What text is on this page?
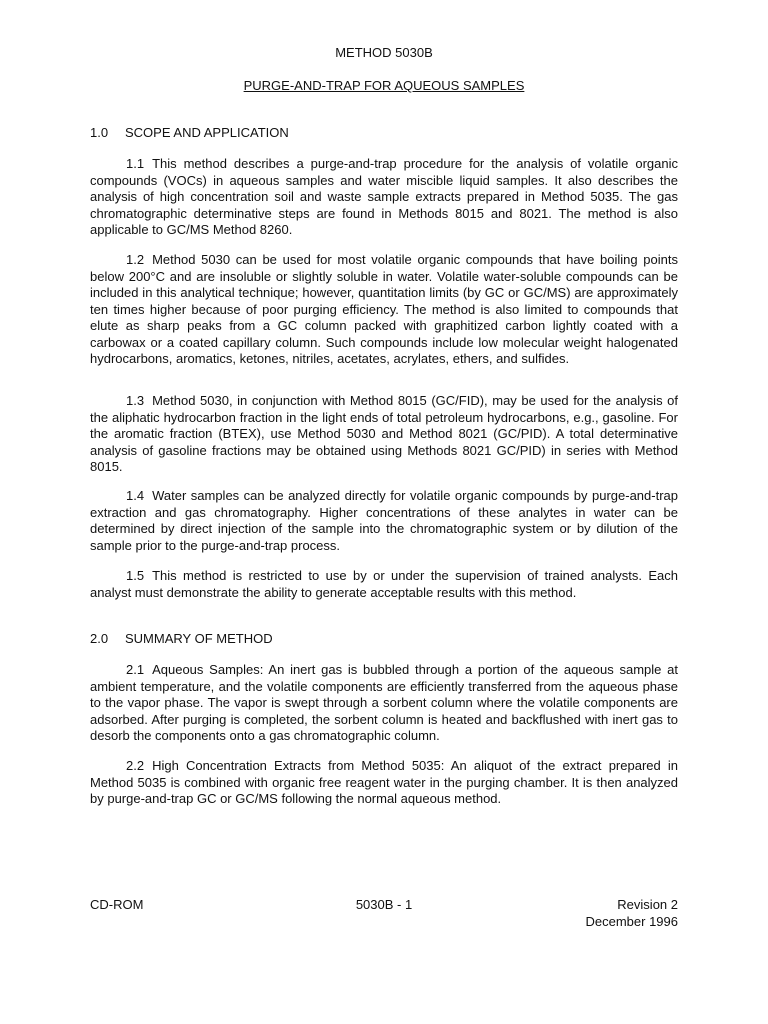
METHOD 5030B
PURGE-AND-TRAP FOR AQUEOUS SAMPLES
1.0 SCOPE AND APPLICATION

1.1 This method describes a purge-and-trap procedure for the analysis of volatile organic compounds (VOCs) in aqueous samples and water miscible liquid samples. It also describes the analysis of high concentration soil and waste sample extracts prepared in Method 5035. The gas chromatographic determinative steps are found in Methods 8015 and 8021. The method is also applicable to GC/MS Method 8260.

1.2 Method 5030 can be used for most volatile organic compounds that have boiling points below 200°C and are insoluble or slightly soluble in water. Volatile water-soluble compounds can be included in this analytical technique; however, quantitation limits (by GC or GC/MS) are approximately ten times higher because of poor purging efficiency. The method is also limited to compounds that elute as sharp peaks from a GC column packed with graphitized carbon lightly coated with a carbowax or a coated capillary column. Such compounds include low molecular weight halogenated hydrocarbons, aromatics, ketones, nitriles, acetates, acrylates, ethers, and sulfides.

1.3 Method 5030, in conjunction with Method 8015 (GC/FID), may be used for the analysis of the aliphatic hydrocarbon fraction in the light ends of total petroleum hydrocarbons, e.g., gasoline. For the aromatic fraction (BTEX), use Method 5030 and Method 8021 (GC/PID). A total determinative analysis of gasoline fractions may be obtained using Methods 8021 GC/PID) in series with Method 8015.

1.4 Water samples can be analyzed directly for volatile organic compounds by purge-and-trap extraction and gas chromatography. Higher concentrations of these analytes in water can be determined by direct injection of the sample into the chromatographic system or by dilution of the sample prior to the purge-and-trap process.

1.5 This method is restricted to use by or under the supervision of trained analysts. Each analyst must demonstrate the ability to generate acceptable results with this method.

2.0 SUMMARY OF METHOD

2.1 Aqueous Samples: An inert gas is bubbled through a portion of the aqueous sample at ambient temperature, and the volatile components are efficiently transferred from the aqueous phase to the vapor phase. The vapor is swept through a sorbent column where the volatile components are adsorbed. After purging is completed, the sorbent column is heated and backflushed with inert gas to desorb the components onto a gas chromatographic column.

2.2 High Concentration Extracts from Method 5035: An aliquot of the extract prepared in Method 5035 is combined with organic free reagent water in the purging chamber. It is then analyzed by purge-and-trap GC or GC/MS following the normal aqueous method.

CD-ROM	5030B - 1	Revision 2
December 1996
